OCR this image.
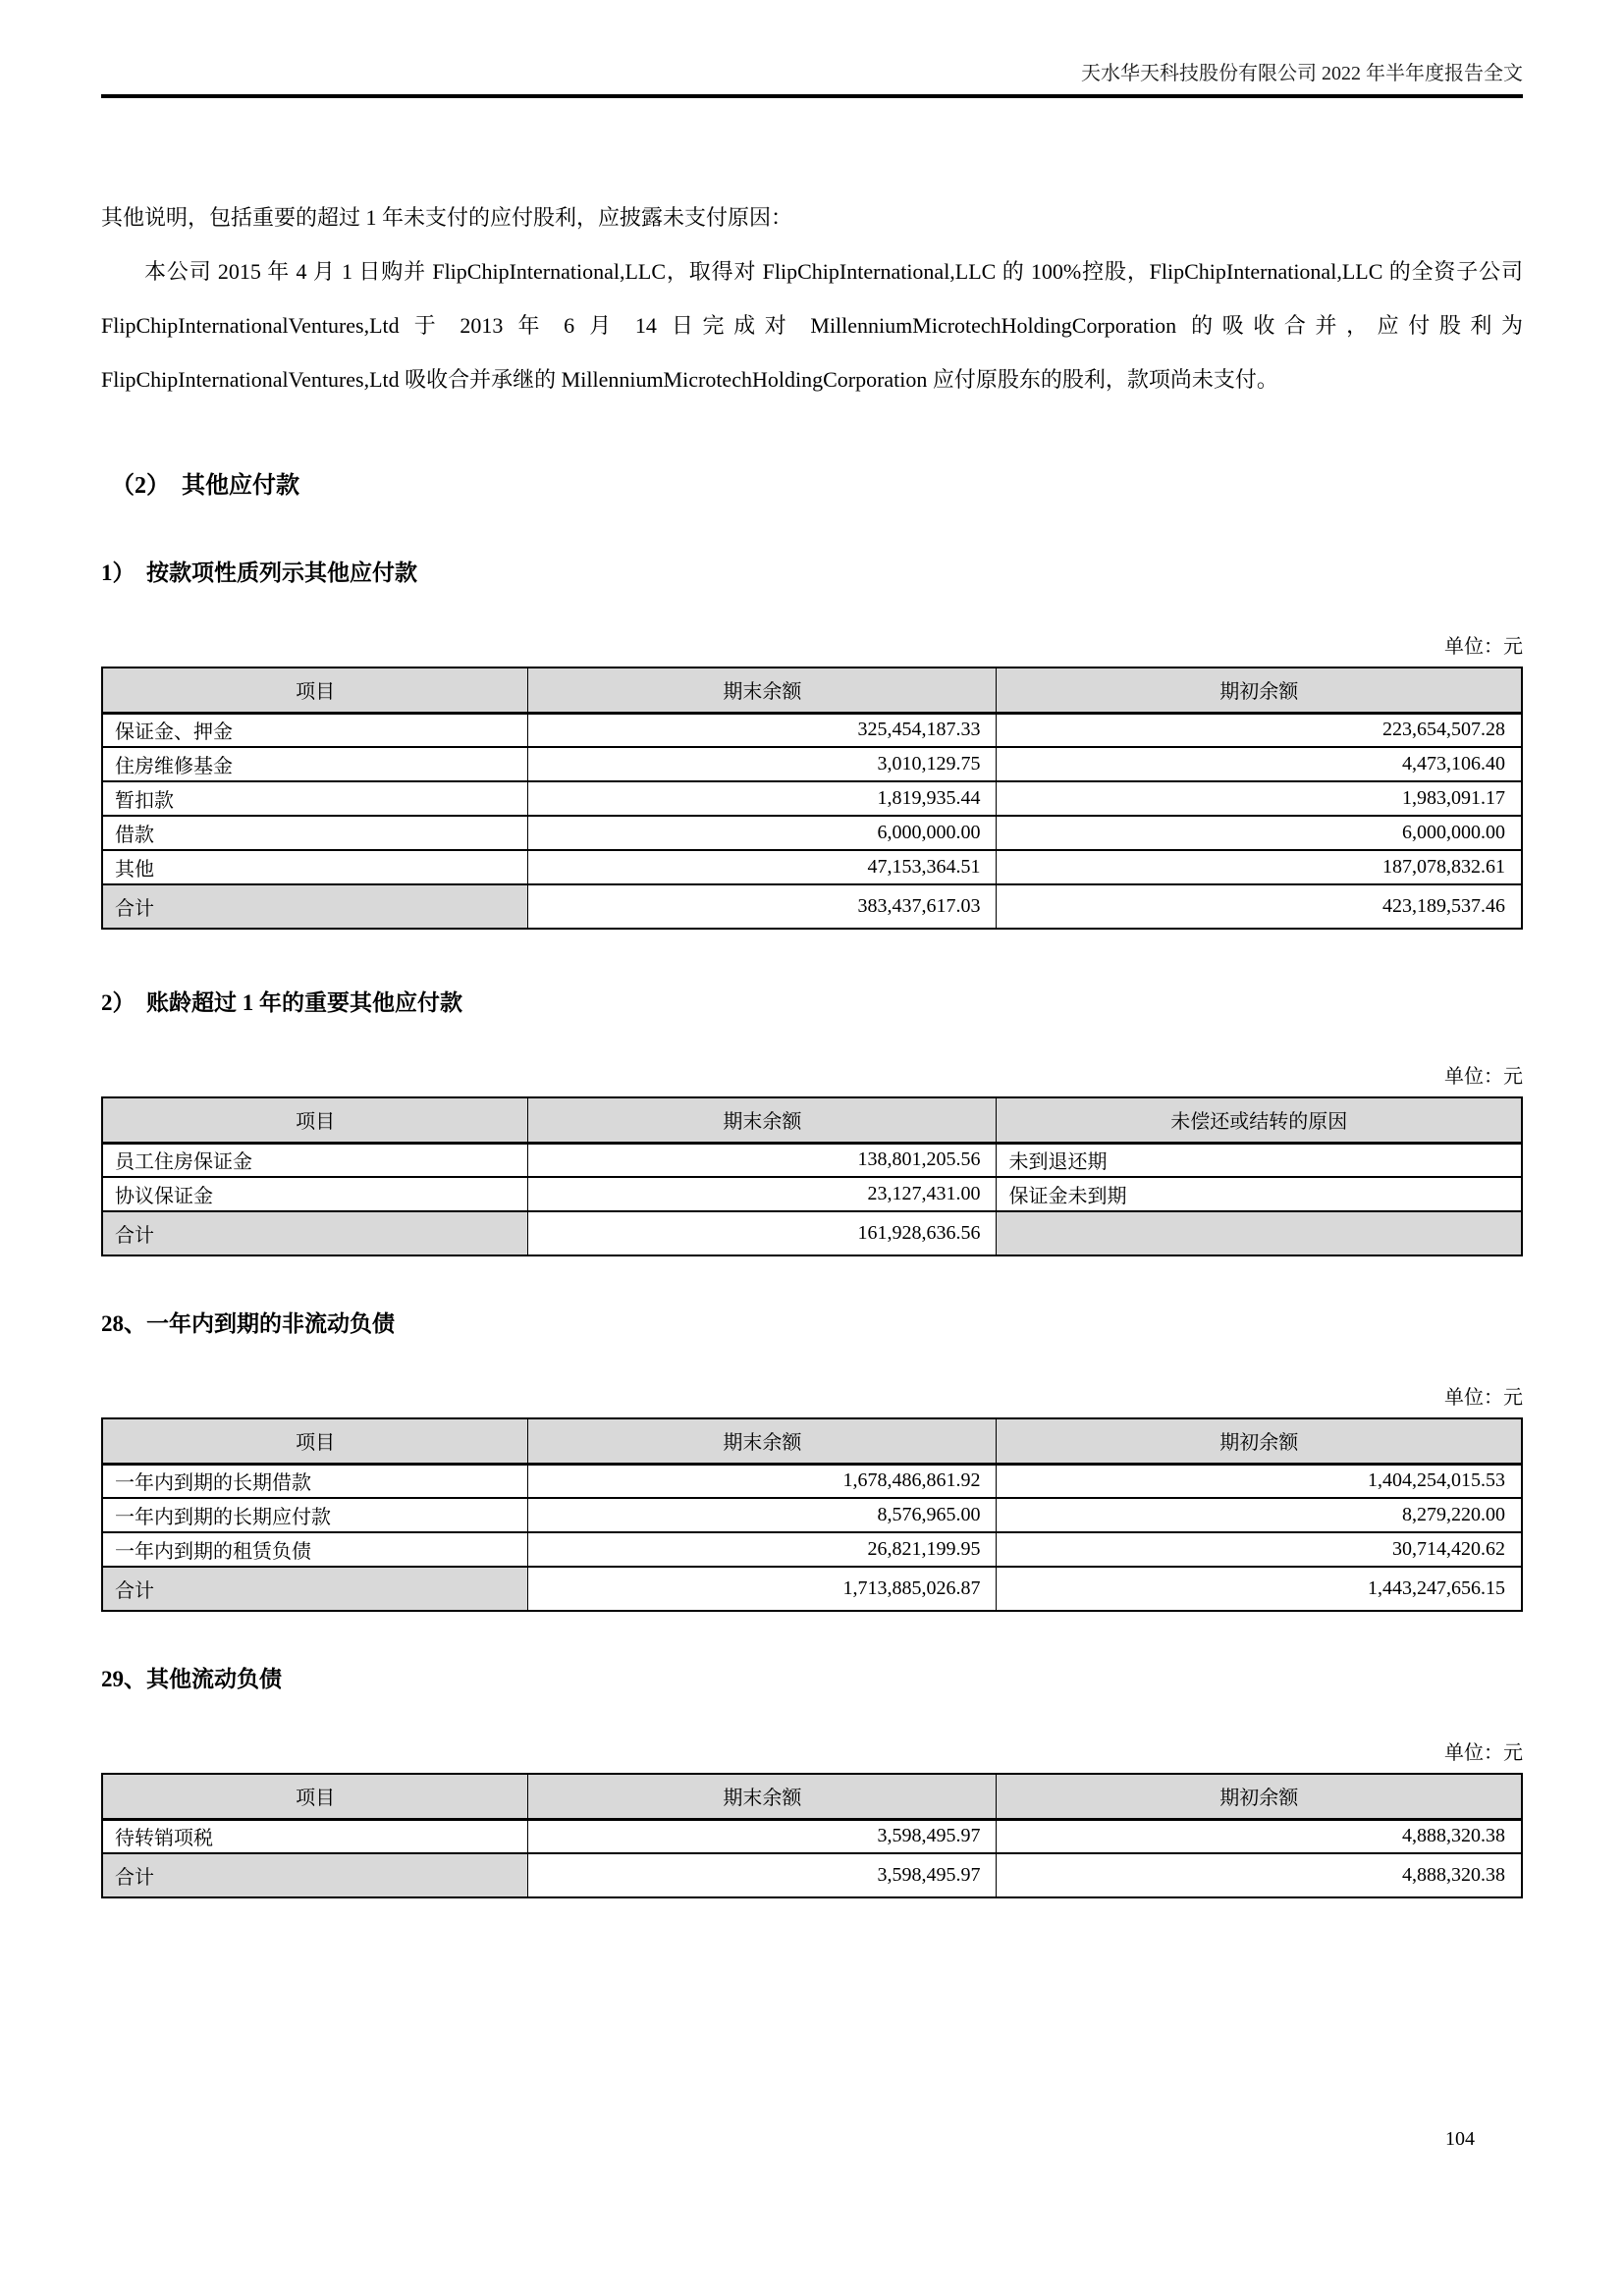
天水华天科技股份有限公司 2022 年半年度报告全文

其他说明，包括重要的超过 1 年未支付的应付股利，应披露未支付原因：

本公司 2015 年 4 月 1 日购并 FlipChipInternational,LLC，取得对 FlipChipInternational,LLC 的 100%控股，FlipChipInternational,LLC 的全资子公司 FlipChipInternationalVentures,Ltd 于 2013 年 6 月 14 日完成对 MillenniumMicrotechHoldingCorporation 的吸收合并，应付股利为 FlipChipInternationalVentures,Ltd 吸收合并承继的 MillenniumMicrotechHoldingCorporation 应付原股东的股利，款项尚未支付。

（2）　其他应付款
1）　按款项性质列示其他应付款
单位：元
项目	期末余额	期初余额
保证金、押金	325,454,187.33	223,654,507.28
住房维修基金	3,010,129.75	4,473,106.40
暂扣款	1,819,935.44	1,983,091.17
借款	6,000,000.00	6,000,000.00
其他	47,153,364.51	187,078,832.61
合计	383,437,617.03	423,189,537.46
2）　账龄超过 1 年的重要其他应付款
单位：元
项目	期末余额	未偿还或结转的原因
员工住房保证金	138,801,205.56	未到退还期
协议保证金	23,127,431.00	保证金未到期
合计	161,928,636.56	
28、一年内到期的非流动负债
单位：元
项目	期末余额	期初余额
一年内到期的长期借款	1,678,486,861.92	1,404,254,015.53
一年内到期的长期应付款	8,576,965.00	8,279,220.00
一年内到期的租赁负债	26,821,199.95	30,714,420.62
合计	1,713,885,026.87	1,443,247,656.15
29、其他流动负债
单位：元
项目	期末余额	期初余额
待转销项税	3,598,495.97	4,888,320.38
合计	3,598,495.97	4,888,320.38
104
